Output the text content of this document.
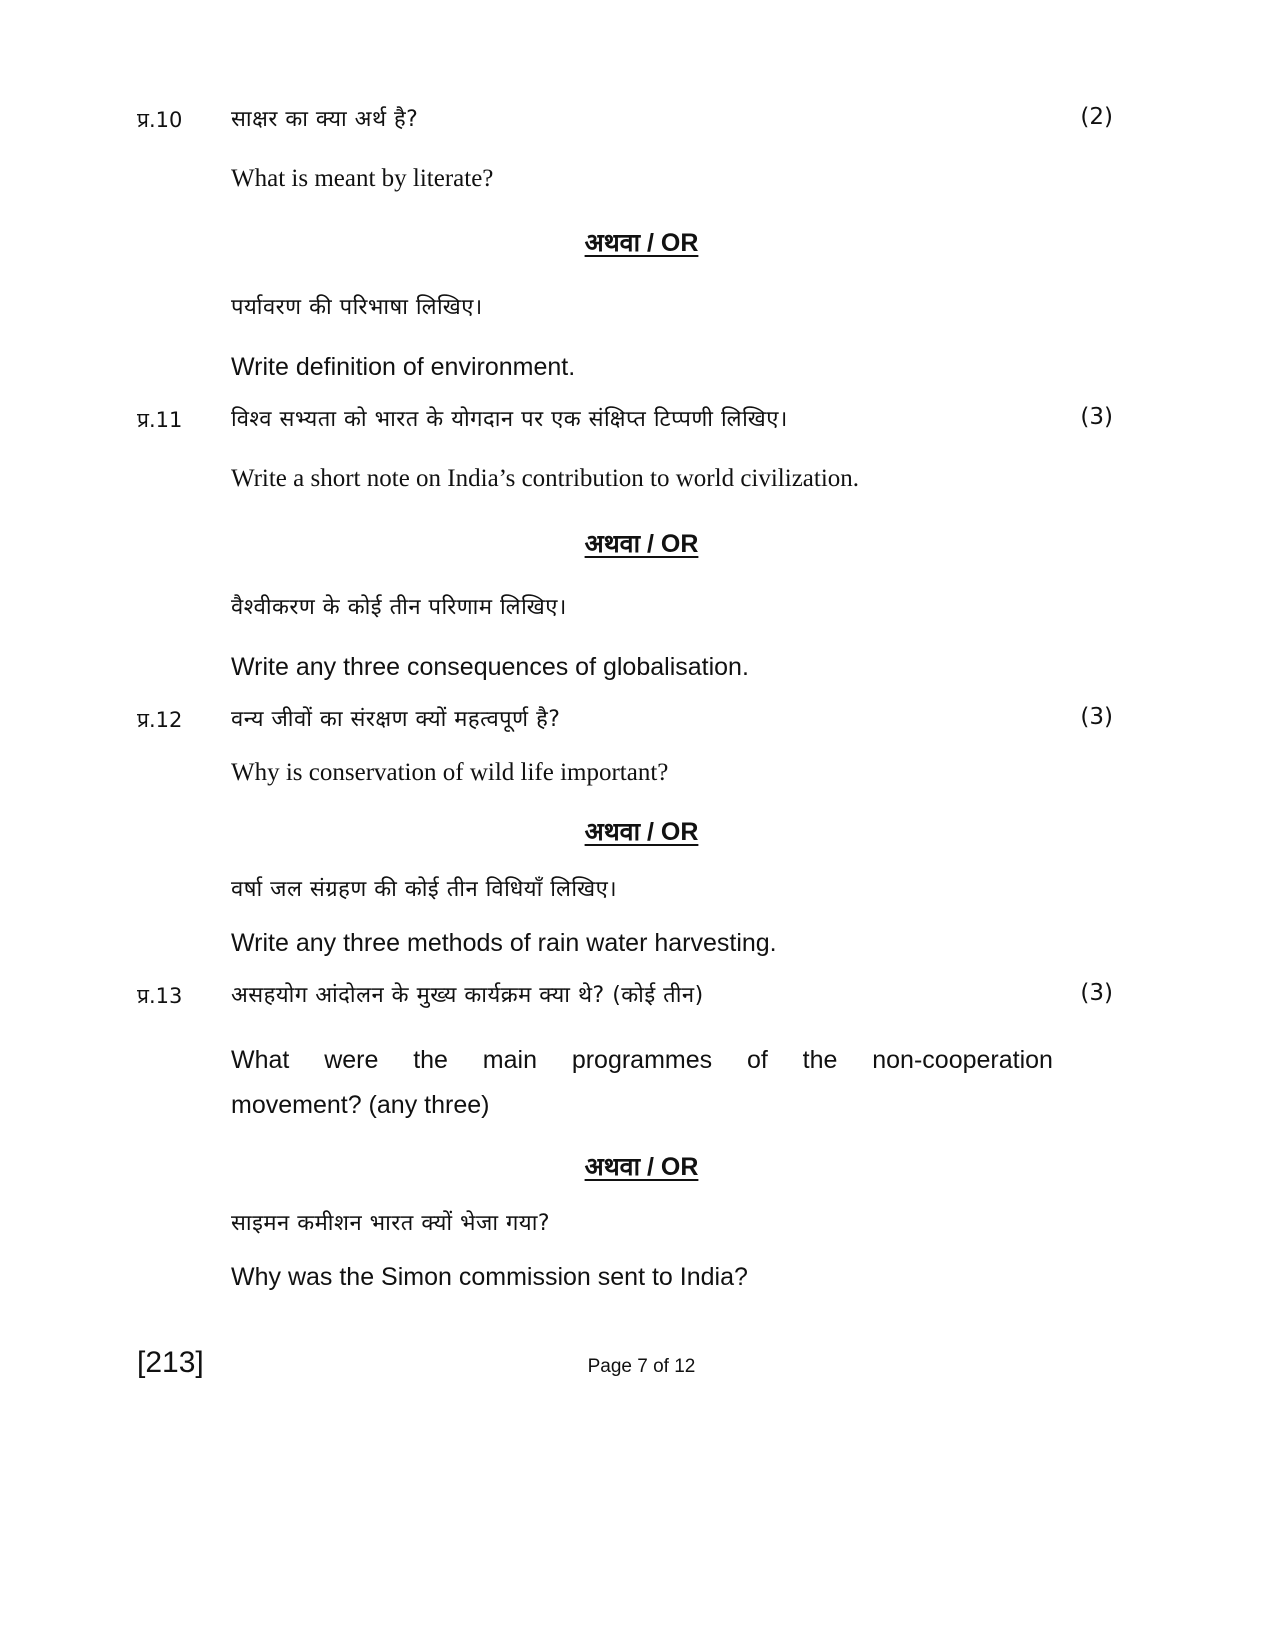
प्र.10 साक्षर का क्या अर्थ है?	(2)
What is meant by literate?
अथवा / OR
पर्यावरण की परिभाषा लिखिए।
Write definition of environment.
प्र.11 विश्व सभ्यता को भारत के योगदान पर एक संक्षिप्त टिप्पणी लिखिए।	(3)
Write a short note on India’s contribution to world civilization.
अथवा / OR
वैश्वीकरण के कोई तीन परिणाम लिखिए।
Write any three consequences of globalisation.
प्र.12 वन्य जीवों का संरक्षण क्यों महत्वपूर्ण है?	(3)
Why is conservation of wild life important?
अथवा / OR
वर्षा जल संग्रहण की कोई तीन विधियाँ लिखिए।
Write any three methods of rain water harvesting.
प्र.13 असहयोग आंदोलन के मुख्य कार्यक्रम क्या थे? (कोई तीन)	(3)
What were the main programmes of the non-cooperation
movement? (any three)
अथवा / OR
साइमन कमीशन भारत क्यों भेजा गया?
Why was the Simon commission sent to India?
[213]	Page 7 of 12
